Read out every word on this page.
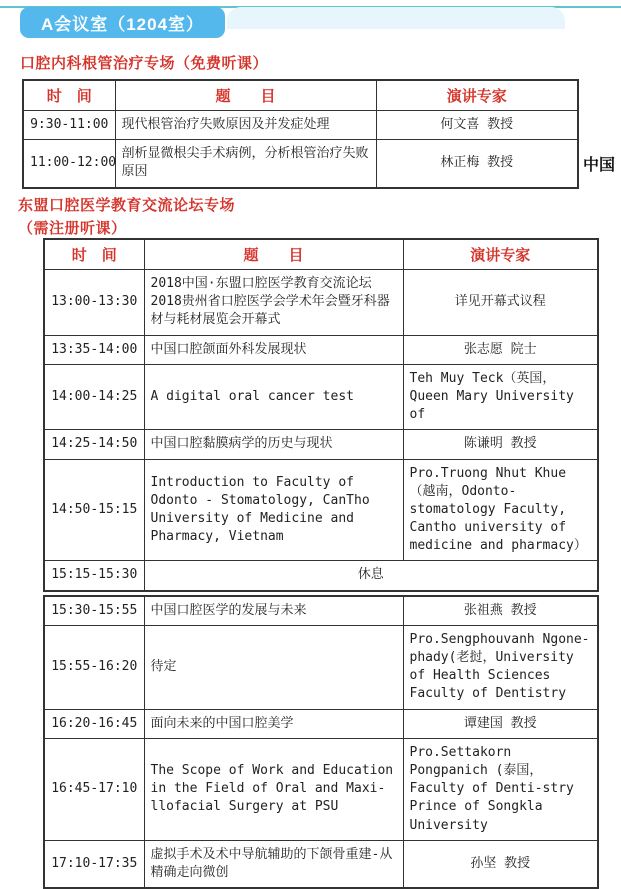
A会议室（1204室）
口腔内科根管治疗专场（免费听课）
时　间	题　　目	演讲专家
9:30-11:00	现代根管治疗失败原因及并发症处理	何文喜 教授
11:00-12:00	剖析显微根尖手术病例，分析根管治疗失败原因	林正梅 教授	中国
东盟口腔医学教育交流论坛专场
（需注册听课）
时　间	题　　目	演讲专家
13:00-13:30	2018中国·东盟口腔医学教育交流论坛2018贵州省口腔医学会学术年会暨牙科器材与耗材展览会开幕式	详见开幕式议程
13:35-14:00	中国口腔颌面外科发展现状	张志愿 院士
14:00-14:25	A digital oral cancer test	Teh Muy Teck（英国，Queen Mary University of
14:25-14:50	中国口腔黏膜病学的历史与现状	陈谦明 教授
14:50-15:15	Introduction to Faculty of Odonto - Stomatology, CanTho University of Medicine and Pharmacy, Vietnam	Pro.Truong Nhut Khue（越南，Odonto-stomatology Faculty, Cantho university of medicine and pharmacy）
15:15-15:30	休息	
15:30-15:55	中国口腔医学的发展与未来	张祖燕 教授
15:55-16:20	待定	Pro.Sengphouvanh Ngone-phady(老挝，University of Health Sciences Faculty of Dentistry
16:20-16:45	面向未来的中国口腔美学	谭建国 教授
16:45-17:10	The Scope of Work and Education in the Field of Oral and Maxi-llofacial Surgery at PSU	Pro.Settakorn Pongpanich (泰国，Faculty of Denti-stry Prince of Songkla University
17:10-17:35	虚拟手术及术中导航辅助的下颌骨重建-从精确走向微创	孙坚 教授
